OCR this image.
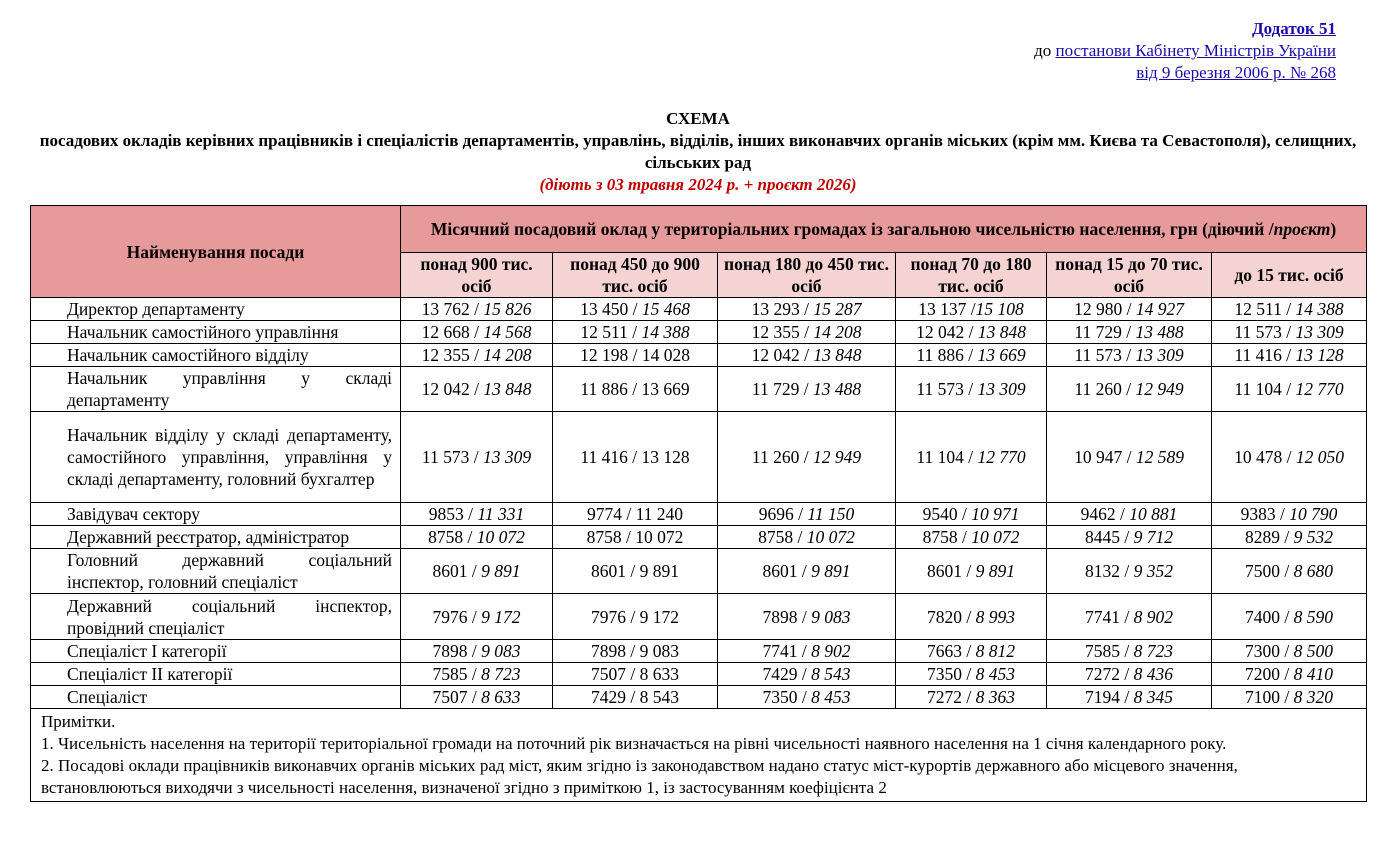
Додаток 51
до постанови Кабінету Міністрів України
від 9 березня 2006 р. № 268
СХЕМА
посадових окладів керівних працівників і спеціалістів департаментів, управлінь, відділів, інших виконавчих органів міських (крім мм. Києва та Севастополя), селищних, сільських рад
(діють з 03 травня 2024 р. + проєкт 2026)
Найменування посади	Місячний посадовий оклад у територіальних громадах із загальною чисельністю населення, грн (діючий /проєкт)					
	понад 900 тис. осіб	понад 450 до 900 тис. осіб	понад 180 до 450 тис. осіб	понад 70 до 180 тис. осіб	понад 15 до 70 тис. осіб	до 15 тис. осіб
Директор департаменту	13 762 / 15 826	13 450 / 15 468	13 293 / 15 287	13 137 /15 108	12 980 / 14 927	12 511 / 14 388
Начальник самостійного управління	12 668 / 14 568	12 511 / 14 388	12 355 / 14 208	12 042 / 13 848	11 729 / 13 488	11 573 / 13 309
Начальник самостійного відділу	12 355 / 14 208	12 198 / 14 028	12 042 / 13 848	11 886 / 13 669	11 573 / 13 309	11 416 / 13 128
Начальник управління у складі департаменту	12 042 / 13 848	11 886 / 13 669	11 729 / 13 488	11 573 / 13 309	11 260 / 12 949	11 104 / 12 770
Начальник відділу у складі департаменту, самостійного управління, управління у складі департаменту, головний бухгалтер	11 573 / 13 309	11 416 / 13 128	11 260 / 12 949	11 104 / 12 770	10 947 / 12 589	10 478 / 12 050
Завідувач сектору	9853 / 11 331	9774 / 11 240	9696 / 11 150	9540 / 10 971	9462 / 10 881	9383 / 10 790
Державний реєстратор, адміністратор	8758 / 10 072	8758 / 10 072	8758 / 10 072	8758 / 10 072	8445 / 9 712	8289 / 9 532
Головний державний соціальний інспектор, головний спеціаліст	8601 / 9 891	8601 / 9 891	8601 / 9 891	8601 / 9 891	8132 / 9 352	7500 / 8 680
Державний соціальний інспектор, провідний спеціаліст	7976 / 9 172	7976 / 9 172	7898 / 9 083	7820 / 8 993	7741 / 8 902	7400 / 8 590
Спеціаліст I категорії	7898 / 9 083	7898 / 9 083	7741 / 8 902	7663 / 8 812	7585 / 8 723	7300 / 8 500
Спеціаліст II категорії	7585 / 8 723	7507 / 8 633	7429 / 8 543	7350 / 8 453	7272 / 8 436	7200 / 8 410
Спеціаліст	7507 / 8 633	7429 / 8 543	7350 / 8 453	7272 / 8 363	7194 / 8 345	7100 / 8 320

Примітки.
1. Чисельність населення на території територіальної громади на поточний рік визначається на рівні чисельності наявного населення на 1 січня календарного року.
2. Посадові оклади працівників виконавчих органів міських рад міст, яким згідно із законодавством надано статус міст-курортів державного або місцевого значення, встановлюються виходячи з чисельності населення, визначеної згідно з приміткою 1, із застосуванням коефіцієнта 2						
